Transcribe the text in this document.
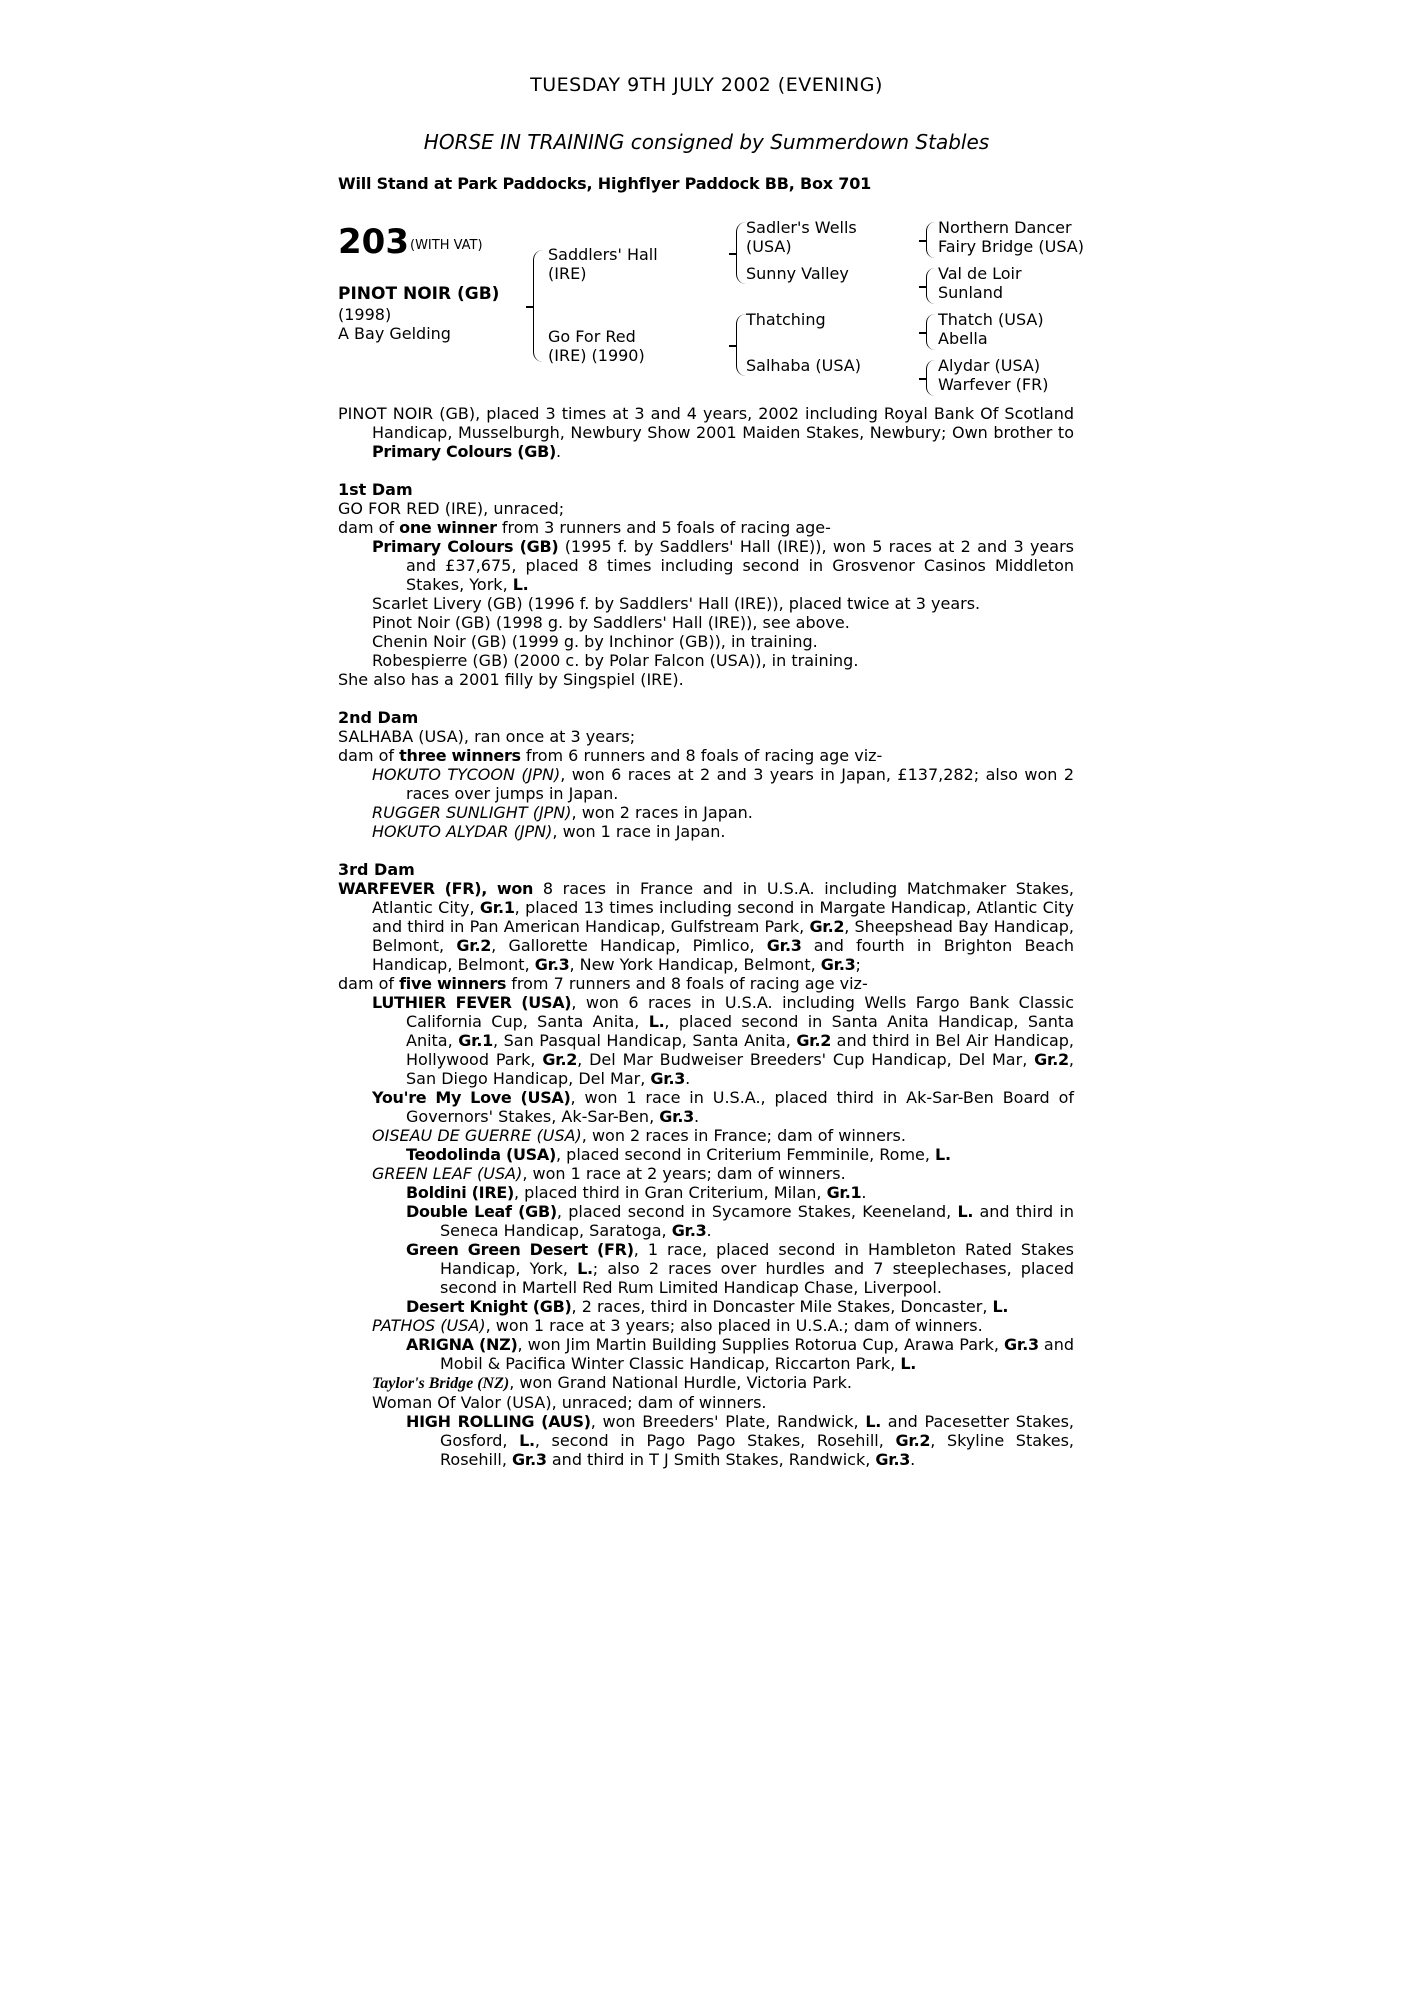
TUESDAY 9TH JULY 2002 (EVENING)
HORSE IN TRAINING consigned by Summerdown Stables
Will Stand at Park Paddocks, Highflyer Paddock BB, Box 701
203 (WITH VAT)
PINOT NOIR (GB)
(1998)
A Bay Gelding
Saddlers' Hall (IRE)
Go For Red (IRE) (1990)
Sadler's Wells (USA)
Sunny Valley
Thatching
Salhaba (USA)
Northern Dancer
Fairy Bridge (USA)
Val de Loir
Sunland
Thatch (USA)
Abella
Alydar (USA)
Warfever (FR)

PINOT NOIR (GB), placed 3 times at 3 and 4 years, 2002 including Royal Bank Of Scotland Handicap, Musselburgh, Newbury Show 2001 Maiden Stakes, Newbury; Own brother to Primary Colours (GB).

1st Dam

GO FOR RED (IRE), unraced;

dam of one winner from 3 runners and 5 foals of racing age-

Primary Colours (GB) (1995 f. by Saddlers' Hall (IRE)), won 5 races at 2 and 3 years and £37,675, placed 8 times including second in Grosvenor Casinos Middleton Stakes, York, L.

Scarlet Livery (GB) (1996 f. by Saddlers' Hall (IRE)), placed twice at 3 years.

Pinot Noir (GB) (1998 g. by Saddlers' Hall (IRE)), see above.

Chenin Noir (GB) (1999 g. by Inchinor (GB)), in training.

Robespierre (GB) (2000 c. by Polar Falcon (USA)), in training.

She also has a 2001 filly by Singspiel (IRE).

2nd Dam

SALHABA (USA), ran once at 3 years;

dam of three winners from 6 runners and 8 foals of racing age viz-

HOKUTO TYCOON (JPN), won 6 races at 2 and 3 years in Japan, £137,282; also won 2 races over jumps in Japan.

RUGGER SUNLIGHT (JPN), won 2 races in Japan.

HOKUTO ALYDAR (JPN), won 1 race in Japan.

3rd Dam

WARFEVER (FR), won 8 races in France and in U.S.A. including Matchmaker Stakes, Atlantic City, Gr.1, placed 13 times including second in Margate Handicap, Atlantic City and third in Pan American Handicap, Gulfstream Park, Gr.2, Sheepshead Bay Handicap, Belmont, Gr.2, Gallorette Handicap, Pimlico, Gr.3 and fourth in Brighton Beach Handicap, Belmont, Gr.3, New York Handicap, Belmont, Gr.3;

dam of five winners from 7 runners and 8 foals of racing age viz-

LUTHIER FEVER (USA), won 6 races in U.S.A. including Wells Fargo Bank Classic California Cup, Santa Anita, L., placed second in Santa Anita Handicap, Santa Anita, Gr.1, San Pasqual Handicap, Santa Anita, Gr.2 and third in Bel Air Handicap, Hollywood Park, Gr.2, Del Mar Budweiser Breeders' Cup Handicap, Del Mar, Gr.2, San Diego Handicap, Del Mar, Gr.3.

You're My Love (USA), won 1 race in U.S.A., placed third in Ak-Sar-Ben Board of Governors' Stakes, Ak-Sar-Ben, Gr.3.

OISEAU DE GUERRE (USA), won 2 races in France; dam of winners.

Teodolinda (USA), placed second in Criterium Femminile, Rome, L.

GREEN LEAF (USA), won 1 race at 2 years; dam of winners.

Boldini (IRE), placed third in Gran Criterium, Milan, Gr.1.

Double Leaf (GB), placed second in Sycamore Stakes, Keeneland, L. and third in Seneca Handicap, Saratoga, Gr.3.

Green Green Desert (FR), 1 race, placed second in Hambleton Rated Stakes Handicap, York, L.; also 2 races over hurdles and 7 steeplechases, placed second in Martell Red Rum Limited Handicap Chase, Liverpool.

Desert Knight (GB), 2 races, third in Doncaster Mile Stakes, Doncaster, L.

PATHOS (USA), won 1 race at 3 years; also placed in U.S.A.; dam of winners.

ARIGNA (NZ), won Jim Martin Building Supplies Rotorua Cup, Arawa Park, Gr.3 and Mobil & Pacifica Winter Classic Handicap, Riccarton Park, L.

Taylor's Bridge (NZ), won Grand National Hurdle, Victoria Park.

Woman Of Valor (USA), unraced; dam of winners.

HIGH ROLLING (AUS), won Breeders' Plate, Randwick, L. and Pacesetter Stakes, Gosford, L., second in Pago Pago Stakes, Rosehill, Gr.2, Skyline Stakes, Rosehill, Gr.3 and third in T J Smith Stakes, Randwick, Gr.3.
